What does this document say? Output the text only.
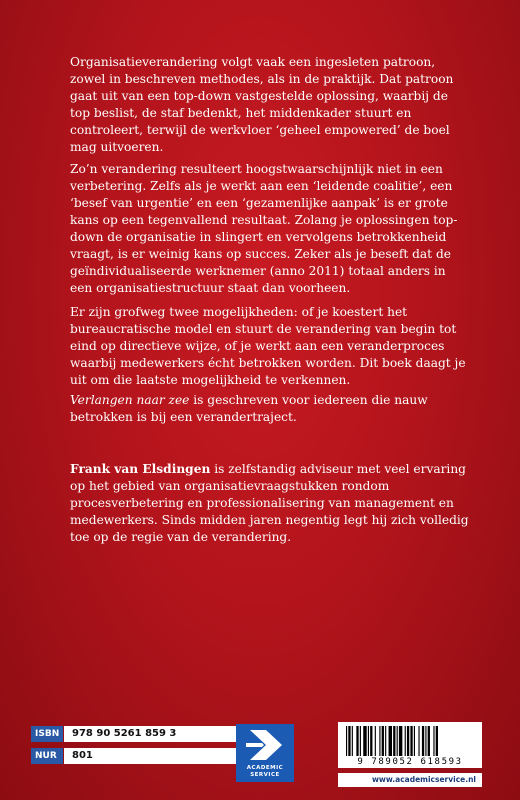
Organisatieverandering volgt vaak een ingesleten patroon, zowel in beschreven methodes, als in de praktijk. Dat patroon gaat uit van een top-down vastgestelde oplossing, waarbij de top beslist, de staf bedenkt, het middenkader stuurt en controleert, terwijl de werkvloer ‘geheel empowered’ de boel mag uitvoeren.

Zo’n verandering resulteert hoogstwaarschijnlijk niet in een verbetering. Zelfs als je werkt aan een ‘leidende coalitie’, een ‘besef van urgentie’ en een ‘gezamenlijke aanpak’ is er grote kans op een tegenvallend resultaat. Zolang je oplossingen top-down de organisatie in slingert en vervolgens betrokkenheid vraagt, is er weinig kans op succes. Zeker als je beseft dat de geïndividualiseerde werknemer (anno 2011) totaal anders in een organisatiestructuur staat dan voorheen.

Er zijn grofweg twee mogelijkheden: of je koestert het bureaucratische model en stuurt de verandering van begin tot eind op directieve wijze, of je werkt aan een veranderproces waarbij medewerkers écht betrokken worden. Dit boek daagt je uit om die laatste mogelijkheid te verkennen.

Verlangen naar zee is geschreven voor iedereen die nauw betrokken is bij een verandertraject.

Frank van Elsdingen is zelfstandig adviseur met veel ervaring op het gebied van organisatievraagstukken rondom procesverbetering en professionalisering van management en medewerkers. Sinds midden jaren negentig legt hij zich volledig toe op de regie van de verandering.

ISBN	978 90 5261 859 3
NUR	801
ACADEMIC
SERVICE
9 789052 618593
www.academicservice.nl
